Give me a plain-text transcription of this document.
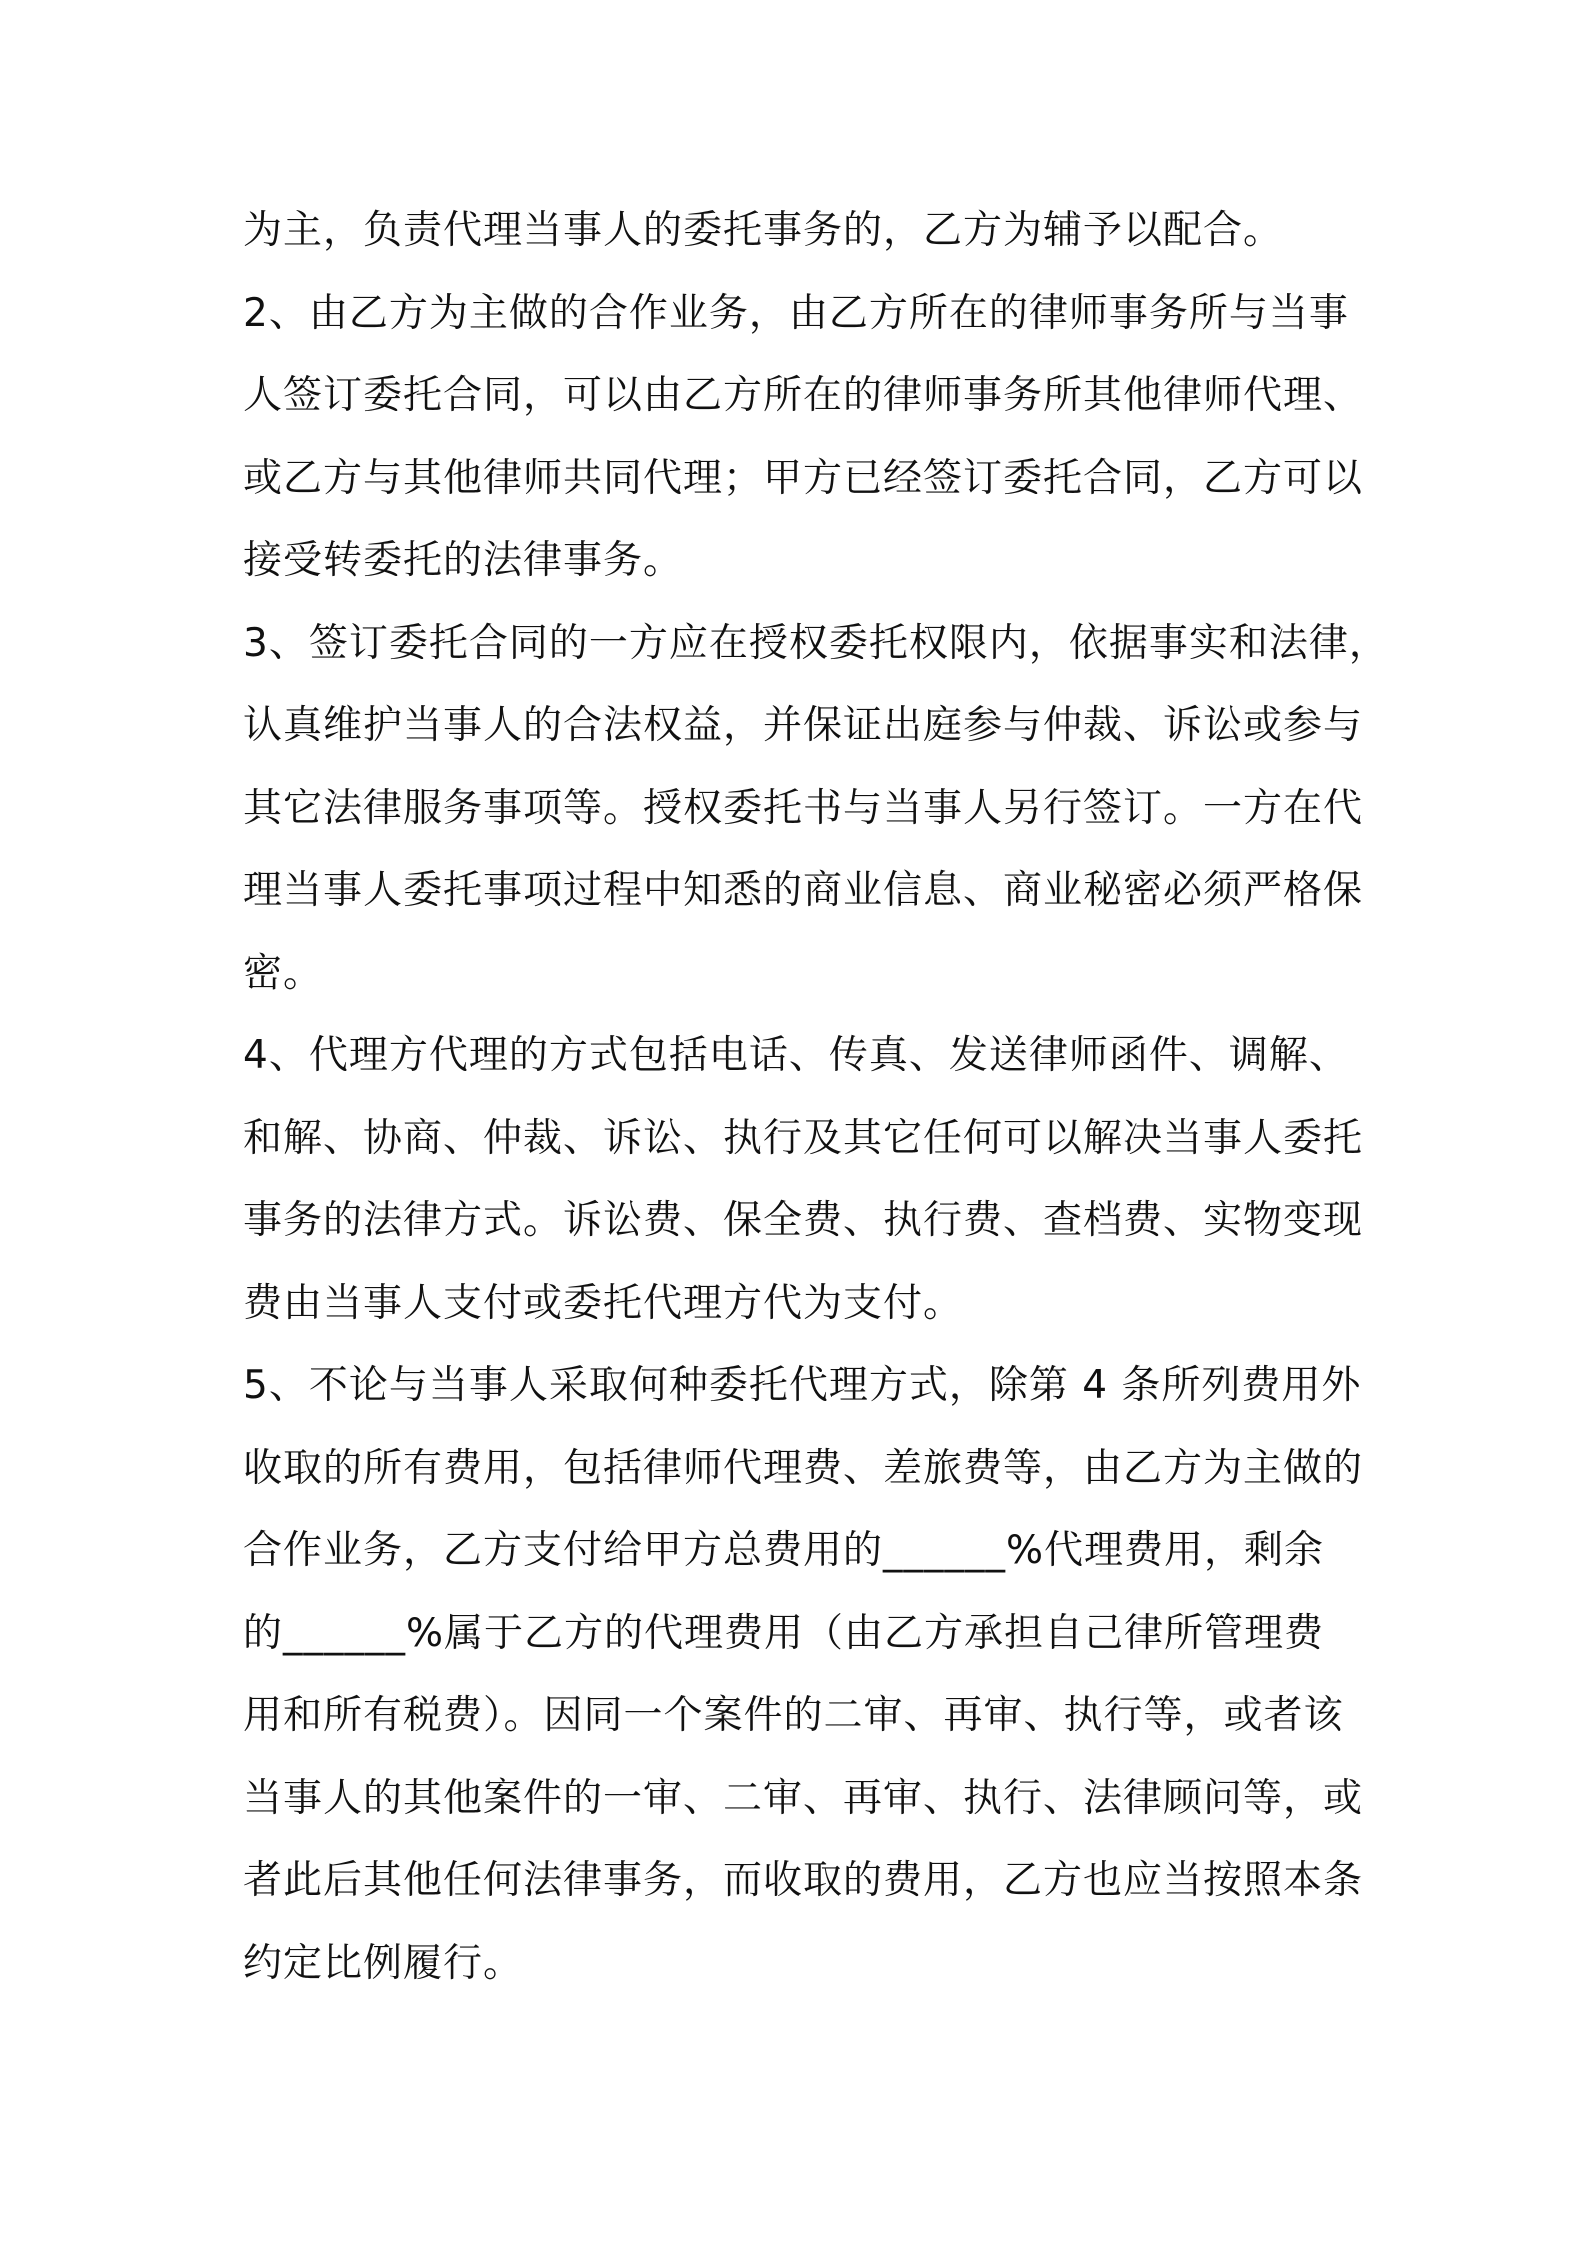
为主，负责代理当事人的委托事务的，乙方为辅予以配合。
2、由乙方为主做的合作业务，由乙方所在的律师事务所与当事
人签订委托合同，可以由乙方所在的律师事务所其他律师代理、
或乙方与其他律师共同代理；甲方已经签订委托合同，乙方可以
接受转委托的法律事务。
3、签订委托合同的一方应在授权委托权限内，依据事实和法律，
认真维护当事人的合法权益，并保证出庭参与仲裁、诉讼或参与
其它法律服务事项等。授权委托书与当事人另行签订。一方在代
理当事人委托事项过程中知悉的商业信息、商业秘密必须严格保
密。
4、代理方代理的方式包括电话、传真、发送律师函件、调解、
和解、协商、仲裁、诉讼、执行及其它任何可以解决当事人委托
事务的法律方式。诉讼费、保全费、执行费、查档费、实物变现
费由当事人支付或委托代理方代为支付。
5、不论与当事人采取何种委托代理方式，除第 4 条所列费用外
收取的所有费用，包括律师代理费、差旅费等，由乙方为主做的
合作业务，乙方支付给甲方总费用的______%代理费用，剩余
的______%属于乙方的代理费用（由乙方承担自己律所管理费
用和所有税费）。因同一个案件的二审、再审、执行等，或者该
当事人的其他案件的一审、二审、再审、执行、法律顾问等，或
者此后其他任何法律事务，而收取的费用，乙方也应当按照本条
约定比例履行。
